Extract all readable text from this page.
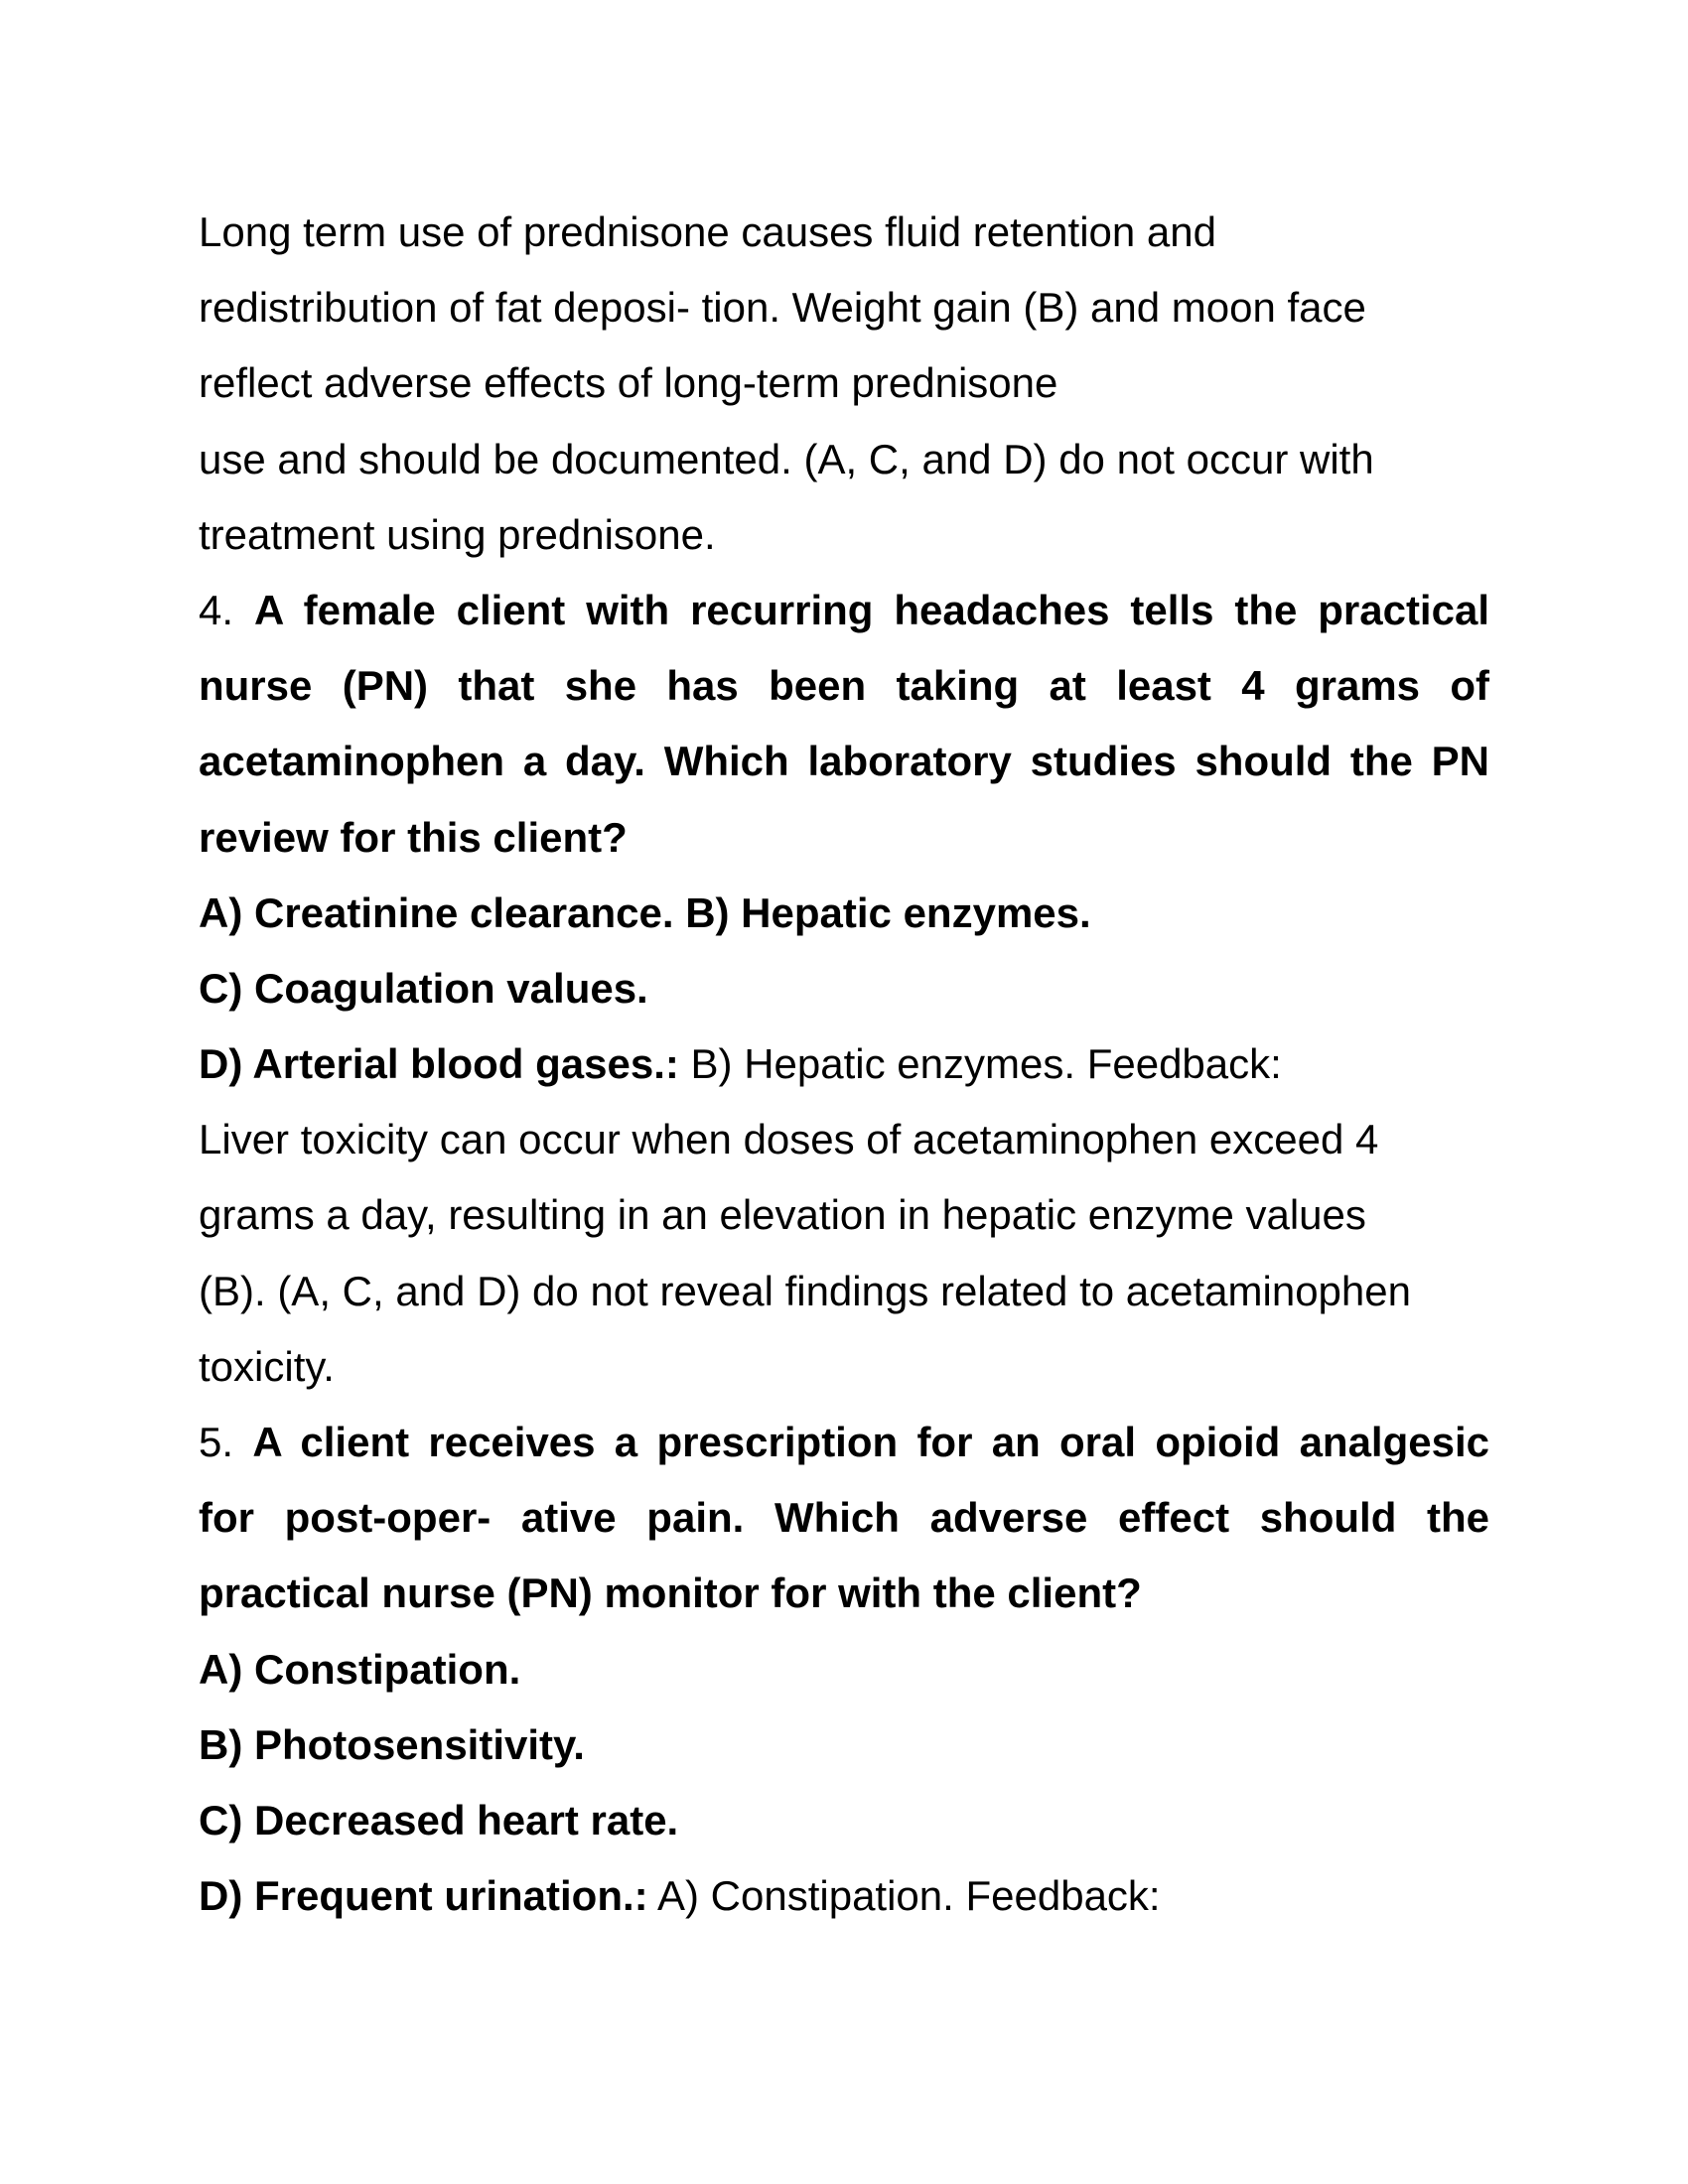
Long term use of prednisone causes fluid retention and
redistribution of fat deposi- tion. Weight gain (B) and moon face
reflect adverse effects of long-term prednisone
use and should be documented. (A, C, and D) do not occur with
treatment using prednisone.
4. A female client with recurring headaches tells the practical
nurse (PN) that she has been taking at least 4 grams of
acetaminophen a day. Which laboratory studies should the PN
review for this client?
A) Creatinine clearance. B) Hepatic enzymes.
C) Coagulation values.
D) Arterial blood gases.: B) Hepatic enzymes. Feedback:
Liver toxicity can occur when doses of acetaminophen exceed 4
grams a day, resulting in an elevation in hepatic enzyme values
(B). (A, C, and D) do not reveal findings related to acetaminophen
toxicity.
5. A client receives a prescription for an oral opioid analgesic
for post-oper- ative pain. Which adverse effect should the
practical nurse (PN) monitor for with the client?
A) Constipation.
B) Photosensitivity.
C) Decreased heart rate.
D) Frequent urination.: A) Constipation. Feedback:
